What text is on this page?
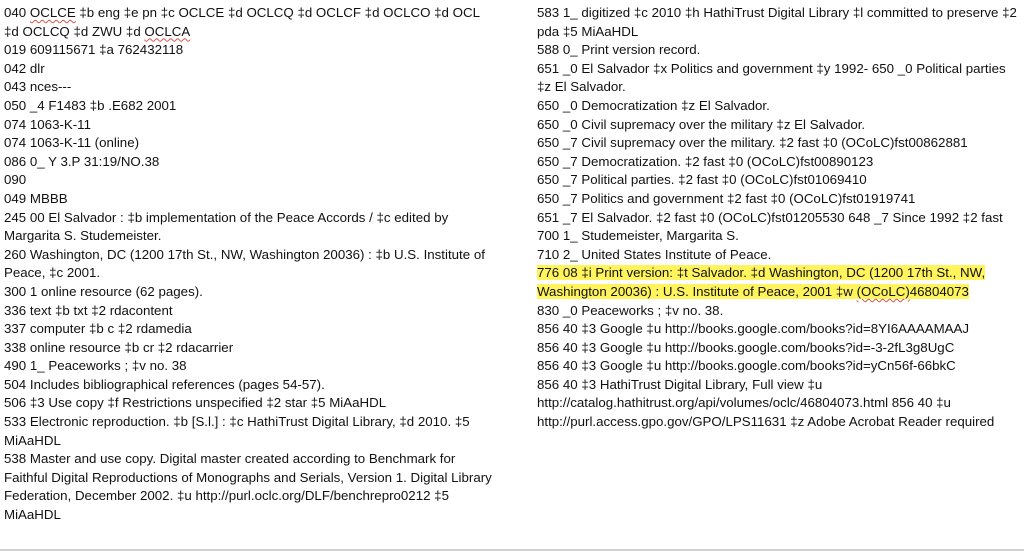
040 OCLCE ‡b eng ‡e pn ‡c OCLCE ‡d OCLCQ ‡d OCLCF ‡d OCLCO ‡d OCL ‡d OCLCQ ‡d ZWU ‡d OCLCA
019 609115671 ‡a 762432118
042 dlr
043 nces---
050 _4 F1483 ‡b .E682 2001
074 1063-K-11
074 1063-K-11 (online)
086 0_ Y 3.P 31:19/NO.38
090
049 MBBB
245 00 El Salvador : ‡b implementation of the Peace Accords / ‡c edited by Margarita S. Studemeister.
260 Washington, DC (1200 17th St., NW, Washington 20036) : ‡b U.S. Institute of Peace, ‡c 2001.
300 1 online resource (62 pages).
336 text ‡b txt ‡2 rdacontent
337 computer ‡b c ‡2 rdamedia
338 online resource ‡b cr ‡2 rdacarrier
490 1_ Peaceworks ; ‡v no. 38
504 Includes bibliographical references (pages 54-57).
506 ‡3 Use copy ‡f Restrictions unspecified ‡2 star ‡5 MiAaHDL
533 Electronic reproduction. ‡b [S.l.] : ‡c HathiTrust Digital Library, ‡d 2010. ‡5 MiAaHDL
538 Master and use copy. Digital master created according to Benchmark for Faithful Digital Reproductions of Monographs and Serials, Version 1. Digital Library Federation, December 2002. ‡u http://purl.oclc.org/DLF/benchrepro0212 ‡5 MiAaHDL
583 1_ digitized ‡c 2010 ‡h HathiTrust Digital Library ‡l committed to preserve ‡2 pda ‡5 MiAaHDL
588 0_ Print version record.
651 _0 El Salvador ‡x Politics and government ‡y 1992- 650 _0 Political parties ‡z El Salvador.
650 _0 Democratization ‡z El Salvador.
650 _0 Civil supremacy over the military ‡z El Salvador.
650 _7 Civil supremacy over the military. ‡2 fast ‡0 (OCoLC)fst00862881
650 _7 Democratization. ‡2 fast ‡0 (OCoLC)fst00890123
650 _7 Political parties. ‡2 fast ‡0 (OCoLC)fst01069410
650 _7 Politics and government ‡2 fast ‡0 (OCoLC)fst01919741
651 _7 El Salvador. ‡2 fast ‡0 (OCoLC)fst01205530 648 _7 Since 1992 ‡2 fast
700 1_ Studemeister, Margarita S.
710 2_ United States Institute of Peace.
776 08 ‡i Print version: ‡t Salvador. ‡d Washington, DC (1200 17th St., NW, Washington 20036) : U.S. Institute of Peace, 2001 ‡w (OCoLC)46804073
830 _0 Peaceworks ; ‡v no. 38.
856 40 ‡3 Google ‡u http://books.google.com/books?id=8YI6AAAAMAAJ
856 40 ‡3 Google ‡u http://books.google.com/books?id=-3-2fL3g8UgC
856 40 ‡3 Google ‡u http://books.google.com/books?id=yCn56f-66bkC
856 40 ‡3 HathiTrust Digital Library, Full view ‡u http://catalog.hathitrust.org/api/volumes/oclc/46804073.html 856 40 ‡u http://purl.access.gpo.gov/GPO/LPS11631 ‡z Adobe Acrobat Reader required
